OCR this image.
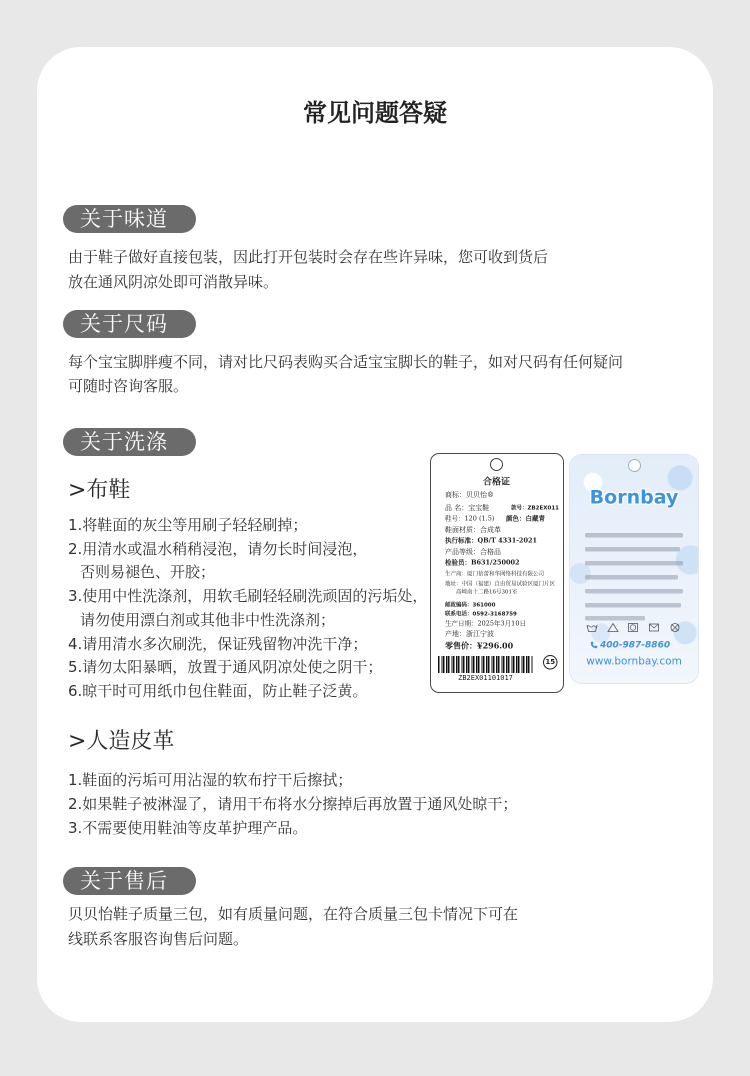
常见问题答疑
关于味道
由于鞋子做好直接包装，因此打开包装时会存在些许异味，您可收到货后
放在通风阴凉处即可消散异味。
关于尺码
每个宝宝脚胖瘦不同，请对比尺码表购买合适宝宝脚长的鞋子，如对尺码有任何疑问
可随时咨询客服。
关于洗涤
>布鞋
1.将鞋面的灰尘等用刷子轻轻刷掉；
2.用清水或温水稍稍浸泡，请勿长时间浸泡，
否则易褪色、开胶；
3.使用中性洗涤剂，用软毛刷轻轻刷洗顽固的污垢处，
请勿使用漂白剂或其他非中性洗涤剂；
4.请用清水多次刷洗，保证残留物冲洗干净；
5.请勿太阳暴晒，放置于通风阴凉处使之阴干；
6.晾干时可用纸巾包住鞋面，防止鞋子泛黄。
合格证
商标：贝贝怡®
品 名：宝宝鞋 款号：ZB2EX011
鞋号：120 (1.5) 颜色：白藏青
鞋面材质：合成革
执行标准：QB/T 4331-2021
产品等级：合格品
检验员：B631/250002
生产商：厦门蓓蕾和华网络科技有限公司
地址：中国（福建）自由贸易试验区厦门片区
高崎南十二路16号301室
邮政编码：361000
联系电话：0592-3168759
生产日期：2025年3月10日
产地：浙江宁波
零售价：¥296.00
ZB2EX01101017
15
Bornbay
400-987-8860
www.bornbay.com
>人造皮革
1.鞋面的污垢可用沾湿的软布拧干后擦拭；
2.如果鞋子被淋湿了，请用干布将水分擦掉后再放置于通风处晾干；
3.不需要使用鞋油等皮革护理产品。
关于售后
贝贝怡鞋子质量三包，如有质量问题，在符合质量三包卡情况下可在
线联系客服咨询售后问题。
